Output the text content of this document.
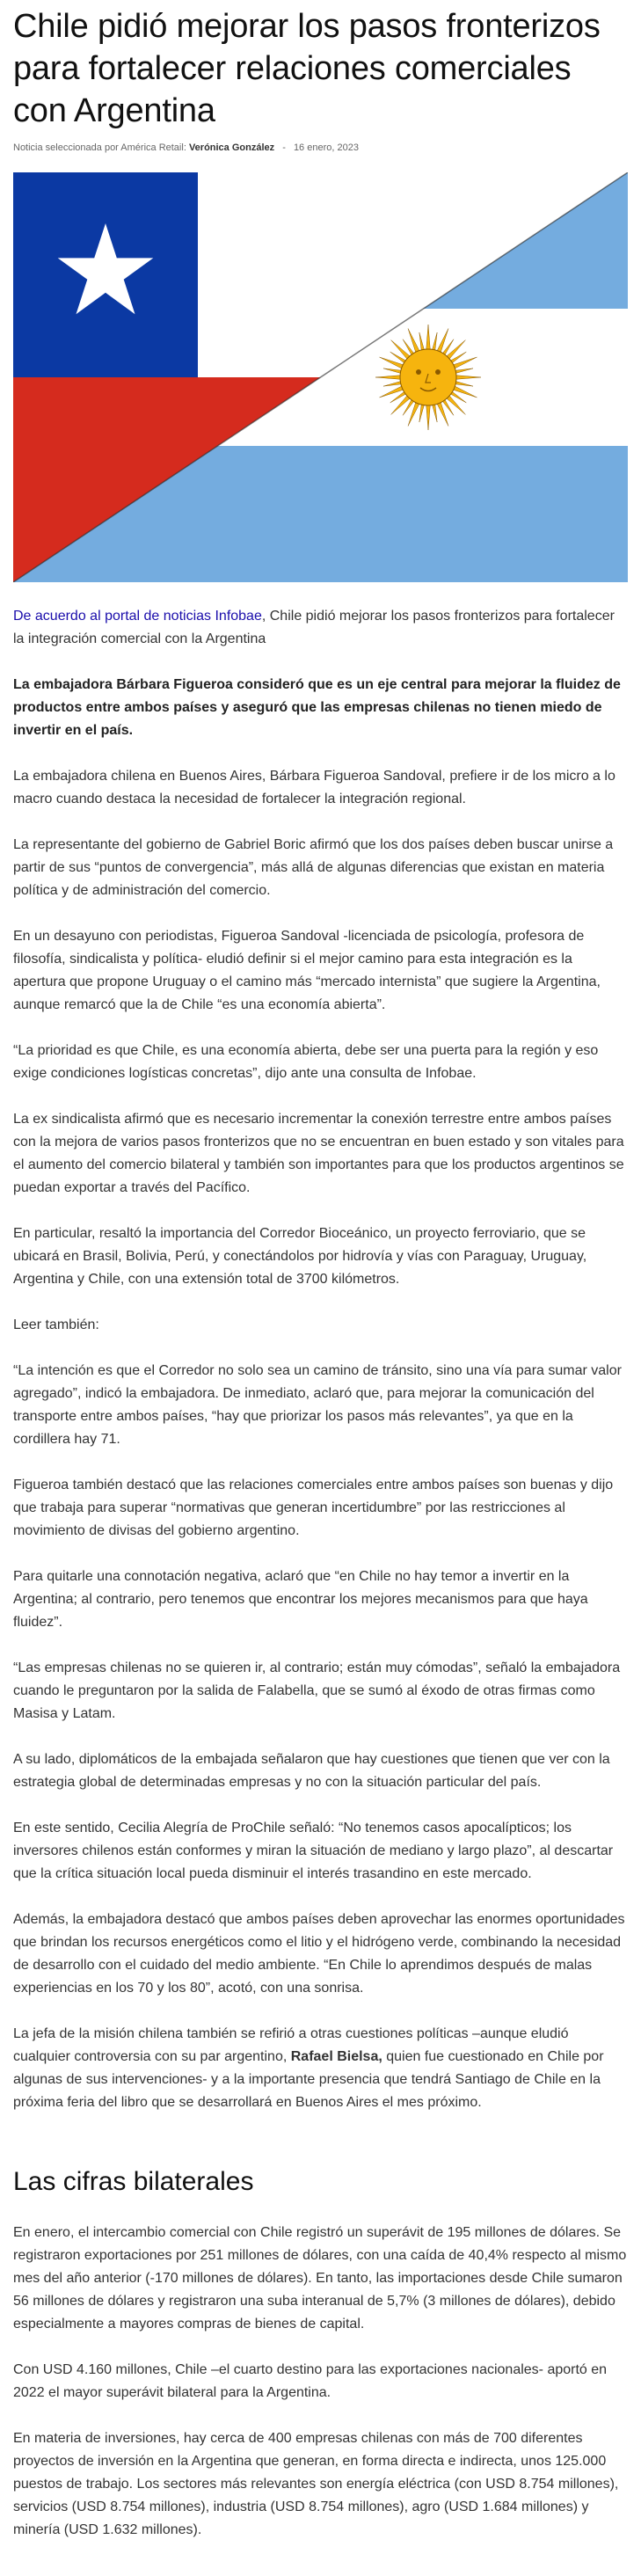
Chile pidió mejorar los pasos fronterizos para fortalecer relaciones comerciales con Argentina
Noticia seleccionada por América Retail: Verónica González - 16 enero, 2023

De acuerdo al portal de noticias Infobae, Chile pidió mejorar los pasos fronterizos para fortalecer la integración comercial con la Argentina

La embajadora Bárbara Figueroa consideró que es un eje central para mejorar la fluidez de productos entre ambos países y aseguró que las empresas chilenas no tienen miedo de invertir en el país.

La embajadora chilena en Buenos Aires, Bárbara Figueroa Sandoval, prefiere ir de los micro a lo macro cuando destaca la necesidad de fortalecer la integración regional.

La representante del gobierno de Gabriel Boric afirmó que los dos países deben buscar unirse a partir de sus “puntos de convergencia”, más allá de algunas diferencias que existan en materia política y de administración del comercio.

En un desayuno con periodistas, Figueroa Sandoval -licenciada de psicología, profesora de filosofía, sindicalista y política- eludió definir si el mejor camino para esta integración es la apertura que propone Uruguay o el camino más “mercado internista” que sugiere la Argentina, aunque remarcó que la de Chile “es una economía abierta”.

“La prioridad es que Chile, es una economía abierta, debe ser una puerta para la región y eso exige condiciones logísticas concretas”, dijo ante una consulta de Infobae.

La ex sindicalista afirmó que es necesario incrementar la conexión terrestre entre ambos países con la mejora de varios pasos fronterizos que no se encuentran en buen estado y son vitales para el aumento del comercio bilateral y también son importantes para que los productos argentinos se puedan exportar a través del Pacífico.

En particular, resaltó la importancia del Corredor Bioceánico, un proyecto ferroviario, que se ubicará en Brasil, Bolivia, Perú, y conectándolos por hidrovía y vías con Paraguay, Uruguay, Argentina y Chile, con una extensión total de 3700 kilómetros.

Leer también:

“La intención es que el Corredor no solo sea un camino de tránsito, sino una vía para sumar valor agregado”, indicó la embajadora. De inmediato, aclaró que, para mejorar la comunicación del transporte entre ambos países, “hay que priorizar los pasos más relevantes”, ya que en la cordillera hay 71.

Figueroa también destacó que las relaciones comerciales entre ambos países son buenas y dijo que trabaja para superar “normativas que generan incertidumbre” por las restricciones al movimiento de divisas del gobierno argentino.

Para quitarle una connotación negativa, aclaró que “en Chile no hay temor a invertir en la Argentina; al contrario, pero tenemos que encontrar los mejores mecanismos para que haya fluidez”.

“Las empresas chilenas no se quieren ir, al contrario; están muy cómodas”, señaló la embajadora cuando le preguntaron por la salida de Falabella, que se sumó al éxodo de otras firmas como Masisa y Latam.

A su lado, diplomáticos de la embajada señalaron que hay cuestiones que tienen que ver con la estrategia global de determinadas empresas y no con la situación particular del país.

En este sentido, Cecilia Alegría de ProChile señaló: “No tenemos casos apocalípticos; los inversores chilenos están conformes y miran la situación de mediano y largo plazo”, al descartar que la crítica situación local pueda disminuir el interés trasandino en este mercado.

Además, la embajadora destacó que ambos países deben aprovechar las enormes oportunidades que brindan los recursos energéticos como el litio y el hidrógeno verde, combinando la necesidad de desarrollo con el cuidado del medio ambiente. “En Chile lo aprendimos después de malas experiencias en los 70 y los 80”, acotó, con una sonrisa.

La jefa de la misión chilena también se refirió a otras cuestiones políticas –aunque eludió cualquier controversia con su par argentino, Rafael Bielsa, quien fue cuestionado en Chile por algunas de sus intervenciones- y a la importante presencia que tendrá Santiago de Chile en la próxima feria del libro que se desarrollará en Buenos Aires el mes próximo.

Las cifras bilaterales

En enero, el intercambio comercial con Chile registró un superávit de 195 millones de dólares. Se registraron exportaciones por 251 millones de dólares, con una caída de 40,4% respecto al mismo mes del año anterior (-170 millones de dólares). En tanto, las importaciones desde Chile sumaron 56 millones de dólares y registraron una suba interanual de 5,7% (3 millones de dólares), debido especialmente a mayores compras de bienes de capital.

Con USD 4.160 millones, Chile –el cuarto destino para las exportaciones nacionales- aportó en 2022 el mayor superávit bilateral para la Argentina.

En materia de inversiones, hay cerca de 400 empresas chilenas con más de 700 diferentes proyectos de inversión en la Argentina que generan, en forma directa e indirecta, unos 125.000 puestos de trabajo. Los sectores más relevantes son energía eléctrica (con USD 8.754 millones), servicios (USD 8.754 millones), industria (USD 8.754 millones), agro (USD 1.684 millones) y minería (USD 1.632 millones).
